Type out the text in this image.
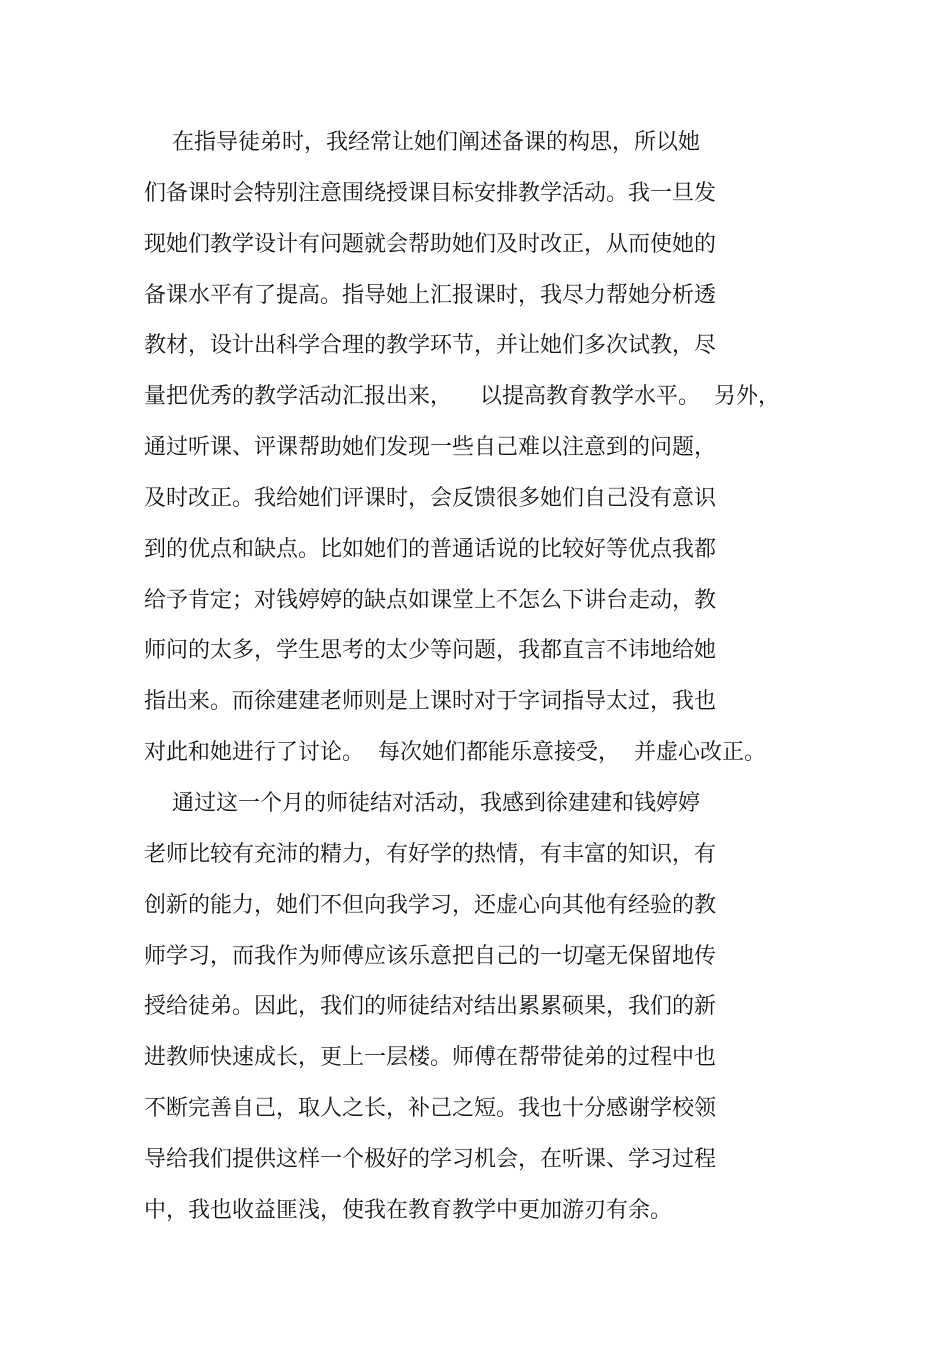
在指导徒弟时，我经常让她们阐述备课的构思，所以她
们备课时会特别注意围绕授课目标安排教学活动。我一旦发
现她们教学设计有问题就会帮助她们及时改正，从而使她的
备课水平有了提高。指导她上汇报课时，我尽力帮她分析透
教材，设计出科学合理的教学环节，并让她们多次试教，尽
量把优秀的教学活动汇报出来，    以提高教育教学水平。  另外，
通过听课、评课帮助她们发现一些自己难以注意到的问题，
及时改正。我给她们评课时，会反馈很多她们自己没有意识
到的优点和缺点。比如她们的普通话说的比较好等优点我都
给予肯定；对钱婷婷的缺点如课堂上不怎么下讲台走动，教
师问的太多，学生思考的太少等问题，我都直言不讳地给她
指出来。而徐建建老师则是上课时对于字词指导太过，我也
对此和她进行了讨论。  每次她们都能乐意接受，  并虚心改正。
通过这一个月的师徒结对活动，我感到徐建建和钱婷婷
老师比较有充沛的精力，有好学的热情，有丰富的知识，有
创新的能力，她们不但向我学习，还虚心向其他有经验的教
师学习，而我作为师傅应该乐意把自己的一切毫无保留地传
授给徒弟。因此，我们的师徒结对结出累累硕果，我们的新
进教师快速成长，更上一层楼。师傅在帮带徒弟的过程中也
不断完善自己，取人之长，补己之短。我也十分感谢学校领
导给我们提供这样一个极好的学习机会，在听课、学习过程
中，我也收益匪浅，使我在教育教学中更加游刃有余。
